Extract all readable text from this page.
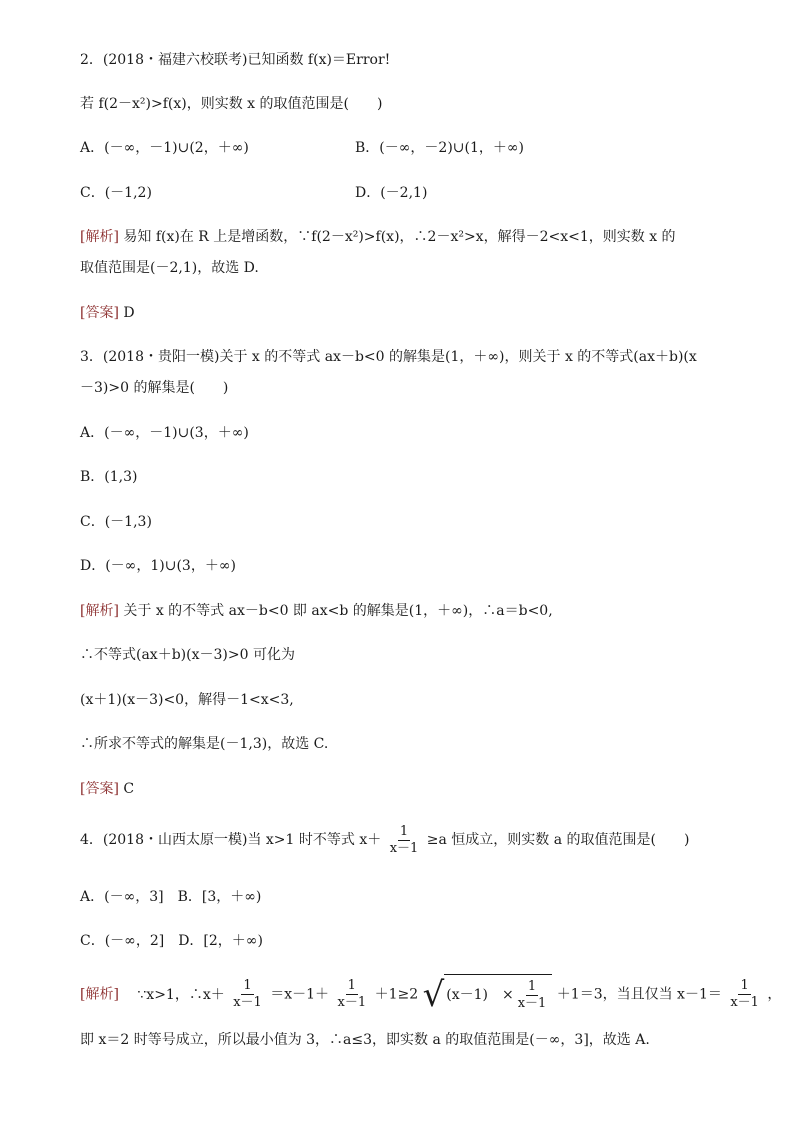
2．(2018・福建六校联考)已知函数 f(x)＝Error!
若 f(2－x²)>f(x)，则实数 x 的取值范围是(　　)
A．(－∞，－1)∪(2，＋∞)	B．(－∞，－2)∪(1，＋∞)
C．(－1,2)	D．(－2,1)
[解析] 易知 f(x)在 R 上是增函数，∵f(2－x²)>f(x)，∴2－x²>x，解得－2<x<1，则实数 x 的
取值范围是(－2,1)，故选 D.
[答案] D
3．(2018・贵阳一模)关于 x 的不等式 ax－b<0 的解集是(1，＋∞)，则关于 x 的不等式(ax＋b)(x
－3)>0 的解集是(　　)
A．(－∞，－1)∪(3，＋∞)
B．(1,3)
C．(－1,3)
D．(－∞，1)∪(3，＋∞)
[解析] 关于 x 的不等式 ax－b<0 即 ax<b 的解集是(1，＋∞)，∴a＝b<0,
∴不等式(ax＋b)(x－3)>0 可化为
(x＋1)(x－3)<0，解得－1<x<3,
∴所求不等式的解集是(－1,3)，故选 C.
[答案] C
4．(2018・山西太原一模)当 x>1 时不等式 $x+ \frac{1}{x-1} \ge a$ 恒成立，则实数 a 的取值范围是(　　)
A．(－∞，3]　B．[3，＋∞)
C．(－∞，2]　D．[2，＋∞)
[解析] ∵x>1，∴x＋ $\frac{1}{x-1} =x-1+ \frac{1}{x-1} +1\ge 2$ √ (x－1)　× $\frac{1}{x-1} +1=3$，当且仅当 $x-1= \frac{1}{x-1}$ ，
即 x＝2 时等号成立，所以最小值为 3，∴a≤3，即实数 a 的取值范围是(－∞，3]，故选 A.
